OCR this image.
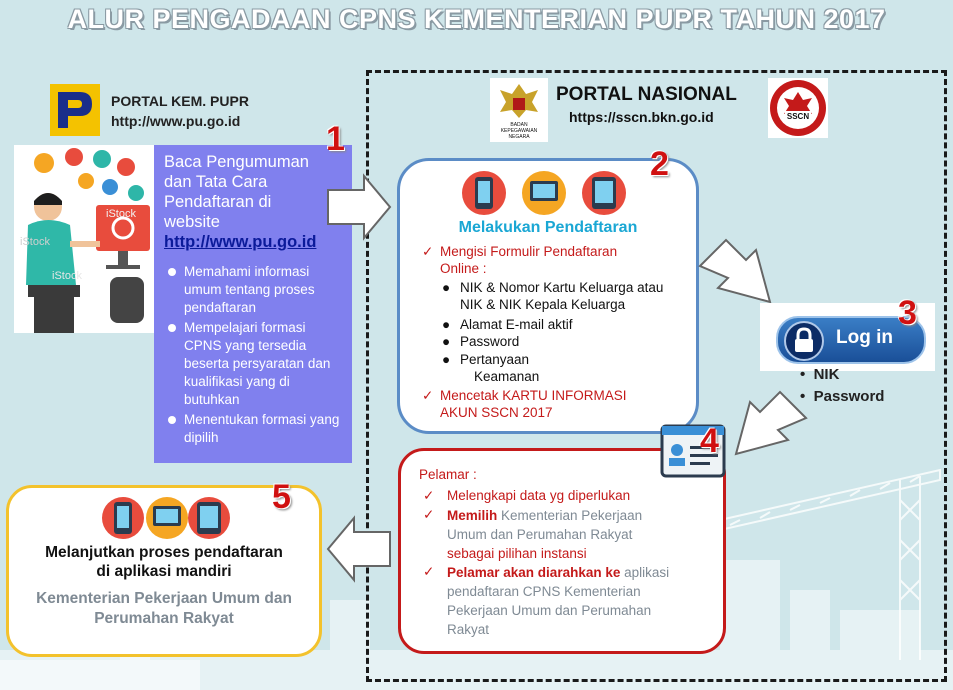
ALUR PENGADAAN CPNS KEMENTERIAN PUPR TAHUN 2017
PORTAL KEM. PUPR
http://www.pu.go.id
iStock
iStock
iStock
Baca Pengumuman
dan Tata Cara
Pendaftaran di
website
http://www.pu.go.id
Memahami informasi umum tentang proses pendaftaran
Mempelajari formasi CPNS yang tersedia beserta persyaratan dan kualifikasi yang di butuhkan
Menentukan formasi yang dipilih
1	BADAN
KEPEGAWAIAN
NEGARA
PORTAL NASIONAL
https://sscn.bkn.go.id	SSCN
Melakukan Pendaftaran
✓ Mengisi Formulir Pendaftaran
Online :
● NIK & Nomor Kartu Keluarga atau
NIK & NIK Kepala Keluarga
● Alamat E-mail aktif
● Password
● Pertanyaan
Keamanan
✓ Mencetak KARTU INFORMASI
AKUN SSCN 2017
2
Log in
3
•  NIK
•  Password
Pelamar :
✓ Melengkapi data yg diperlukan
✓ Memilih Kementerian Pekerjaan
Umum dan Perumahan Rakyat
sebagai pilihan instansi
✓ Pelamar akan diarahkan ke aplikasi
pendaftaran CPNS Kementerian
Pekerjaan Umum dan Perumahan
Rakyat
4
5
Melanjutkan proses pendaftaran
di aplikasi mandiri
Kementerian Pekerjaan Umum dan
Perumahan Rakyat
